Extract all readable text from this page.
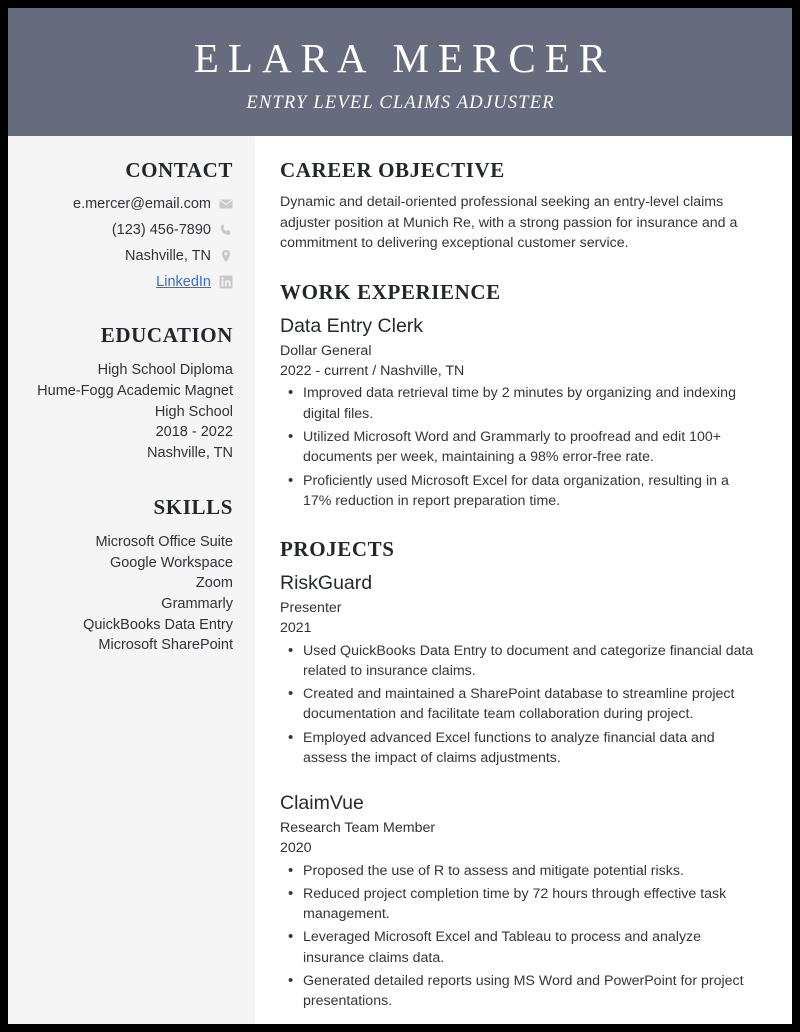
ELARA MERCER
ENTRY LEVEL CLAIMS ADJUSTER
CONTACT
e.mercer@email.com
(123) 456-7890
Nashville, TN
LinkedIn
EDUCATION
High School Diploma
Hume-Fogg Academic Magnet High School
2018 - 2022
Nashville, TN
SKILLS
Microsoft Office Suite
Google Workspace
Zoom
Grammarly
QuickBooks Data Entry
Microsoft SharePoint
CAREER OBJECTIVE

Dynamic and detail-oriented professional seeking an entry-level claims adjuster position at Munich Re, with a strong passion for insurance and a commitment to delivering exceptional customer service.

WORK EXPERIENCE
Data Entry Clerk
Dollar General
2022 - current / Nashville, TN
• Improved data retrieval time by 2 minutes by organizing and indexing digital files.
• Utilized Microsoft Word and Grammarly to proofread and edit 100+ documents per week, maintaining a 98% error-free rate.
• Proficiently used Microsoft Excel for data organization, resulting in a 17% reduction in report preparation time.
PROJECTS
RiskGuard
Presenter
2021
• Used QuickBooks Data Entry to document and categorize financial data related to insurance claims.
• Created and maintained a SharePoint database to streamline project documentation and facilitate team collaboration during project.
• Employed advanced Excel functions to analyze financial data and assess the impact of claims adjustments.
ClaimVue
Research Team Member
2020
• Proposed the use of R to assess and mitigate potential risks.
• Reduced project completion time by 72 hours through effective task management.
• Leveraged Microsoft Excel and Tableau to process and analyze insurance claims data.
• Generated detailed reports using MS Word and PowerPoint for project presentations.
